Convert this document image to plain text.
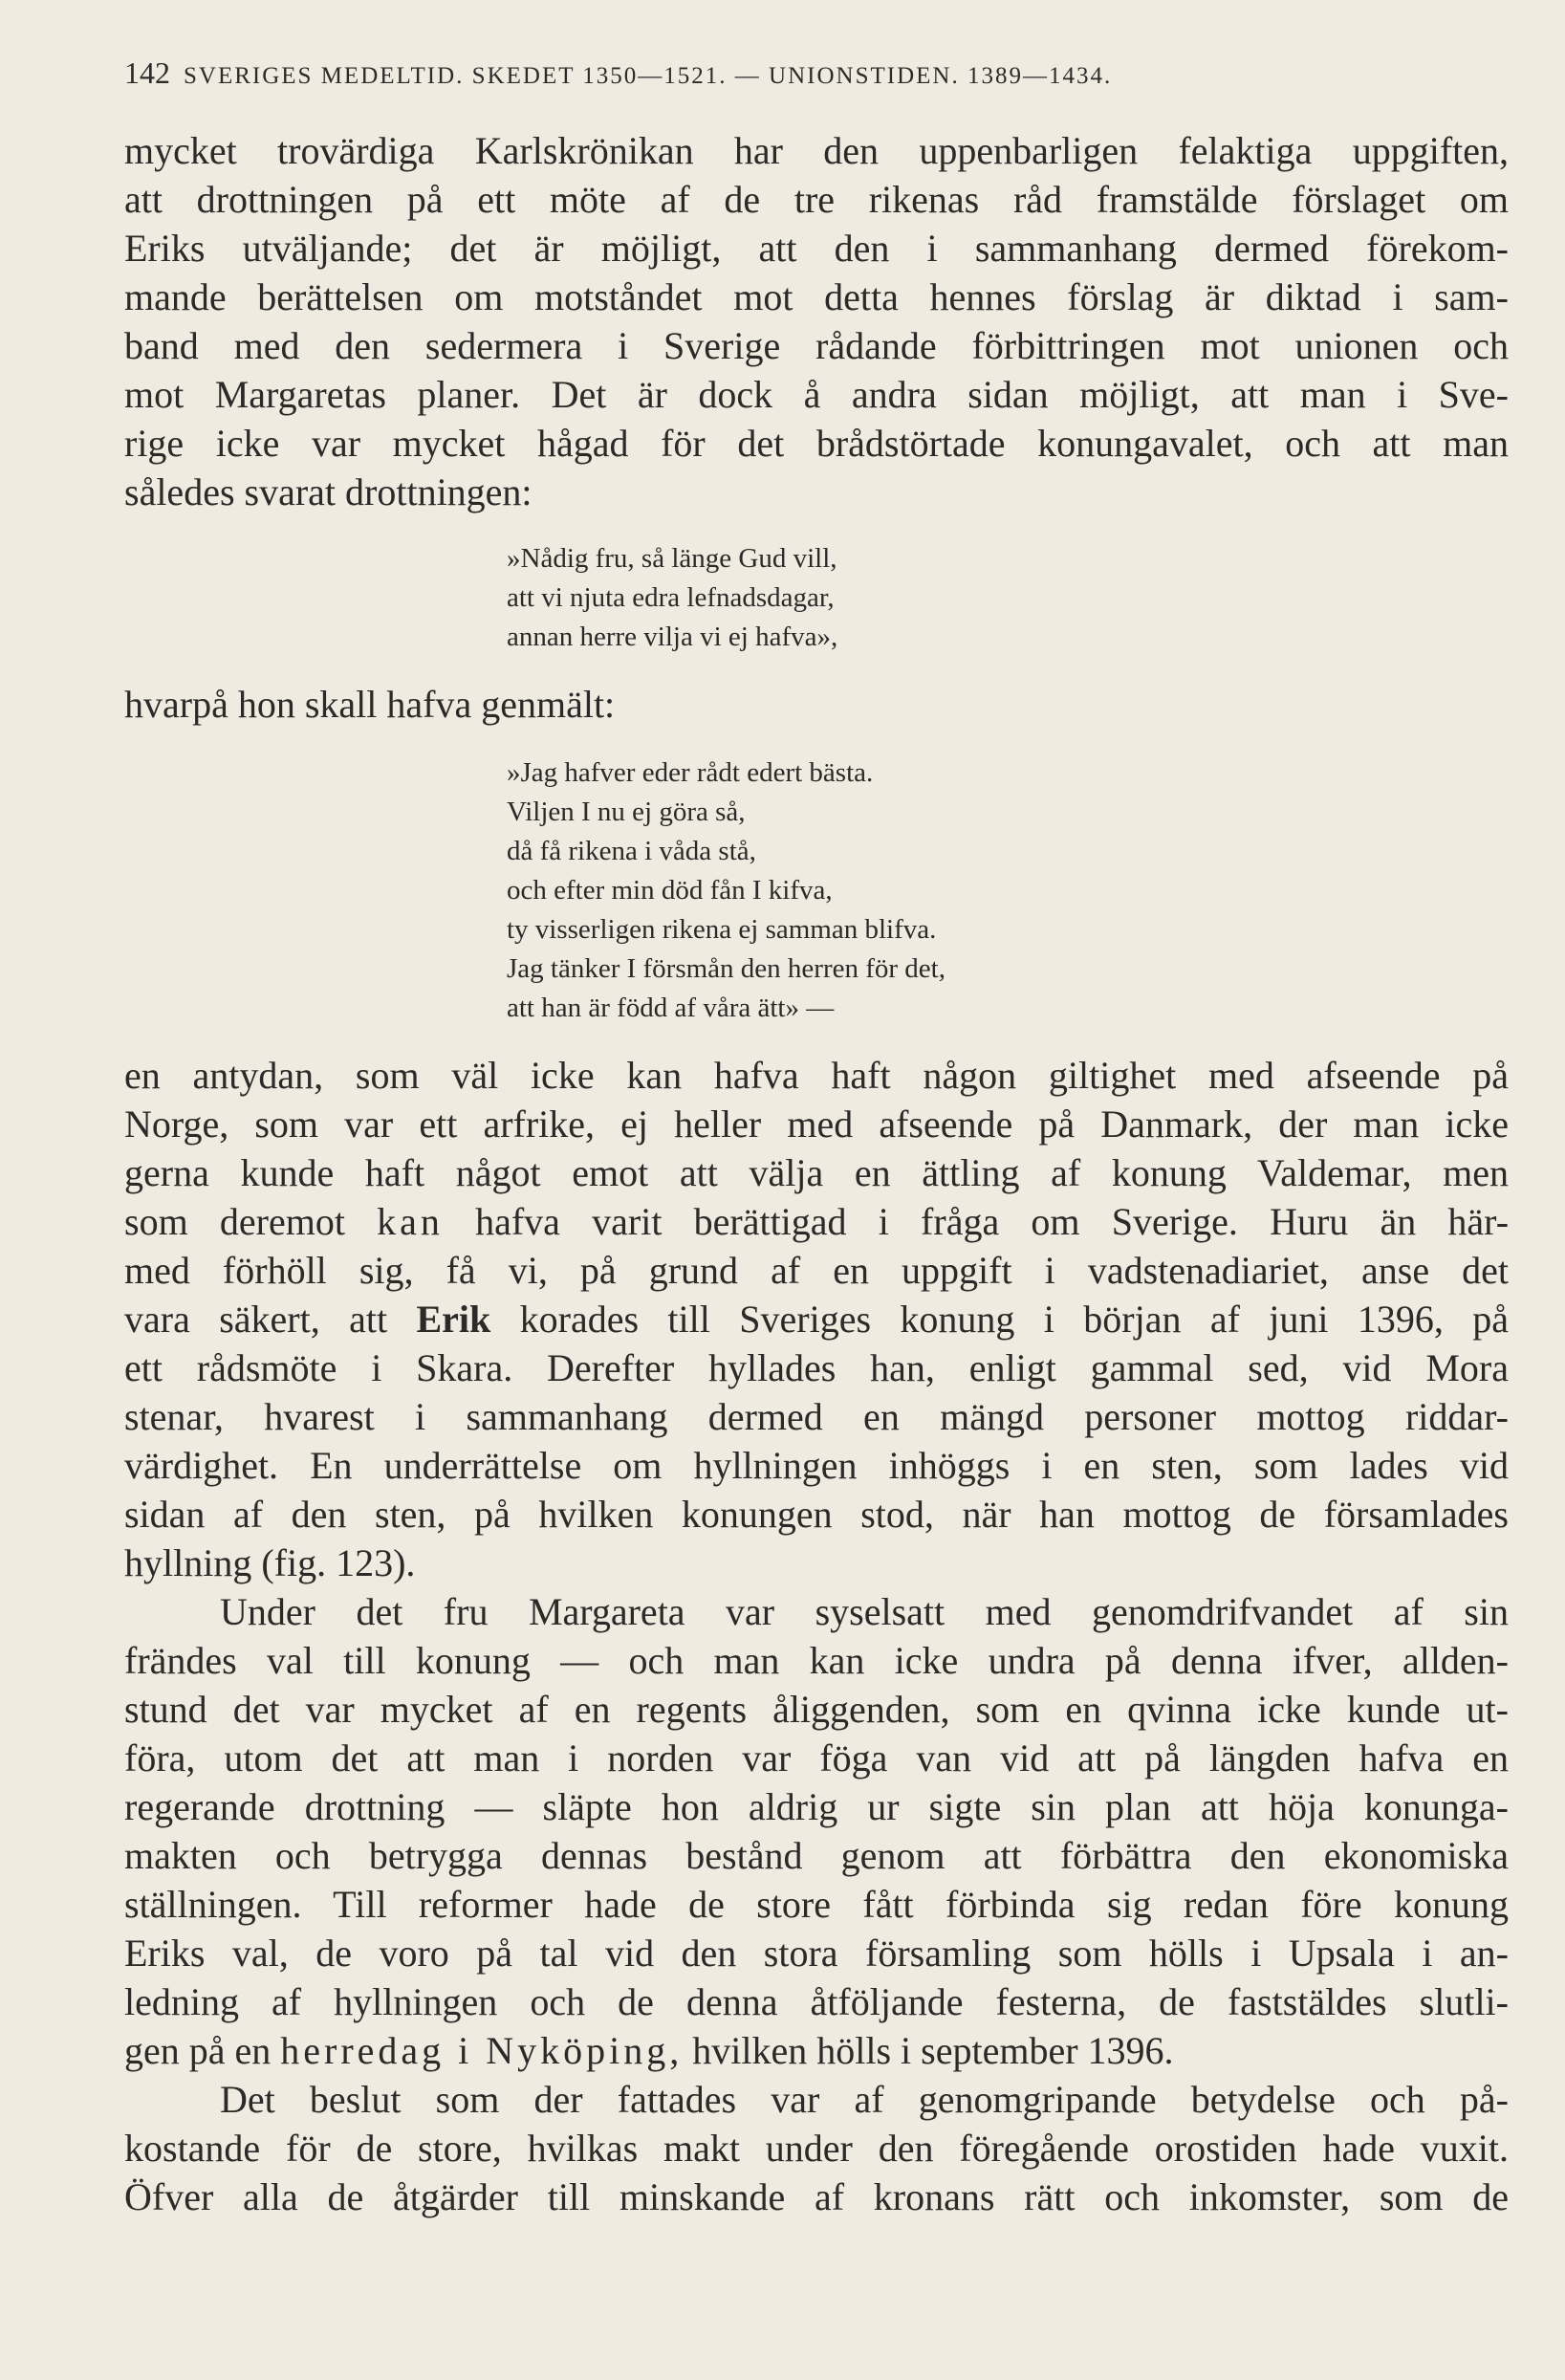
142 SVERIGES MEDELTID. SKEDET 1350—1521. — UNIONSTIDEN. 1389—1434.
mycket trovärdiga Karlskrönikan har den uppenbarligen felaktiga uppgiften,
att drottningen på ett möte af de tre rikenas råd framstälde förslaget om
Eriks utväljande; det är möjligt, att den i sammanhang dermed förekom-
mande berättelsen om motståndet mot detta hennes förslag är diktad i sam-
band med den sedermera i Sverige rådande förbittringen mot unionen och
mot Margaretas planer. Det är dock å andra sidan möjligt, att man i Sve-
rige icke var mycket hågad för det brådstörtade konungavalet, och att man
således svarat drottningen:
»Nådig fru, så länge Gud vill,
att vi njuta edra lefnadsdagar,
annan herre vilja vi ej hafva»,
hvarpå hon skall hafva genmält:
»Jag hafver eder rådt edert bästa.
Viljen I nu ej göra så,
då få rikena i våda stå,
och efter min död fån I kifva,
ty visserligen rikena ej samman blifva.
Jag tänker I försmån den herren för det,
att han är född af våra ätt» —
en antydan, som väl icke kan hafva haft någon giltighet med afseende på
Norge, som var ett arfrike, ej heller med afseende på Danmark, der man icke
gerna kunde haft något emot att välja en ättling af konung Valdemar, men
som deremot kan hafva varit berättigad i fråga om Sverige. Huru än här-
med förhöll sig, få vi, på grund af en uppgift i vadstenadiariet, anse det
vara säkert, att Erik korades till Sveriges konung i början af juni 1396, på
ett rådsmöte i Skara. Derefter hyllades han, enligt gammal sed, vid Mora
stenar, hvarest i sammanhang dermed en mängd personer mottog riddar-
värdighet. En underrättelse om hyllningen inhöggs i en sten, som lades vid
sidan af den sten, på hvilken konungen stod, när han mottog de församlades
hyllning (fig. 123).
Under det fru Margareta var syselsatt med genomdrifvandet af sin
frändes val till konung — och man kan icke undra på denna ifver, allden-
stund det var mycket af en regents åliggenden, som en qvinna icke kunde ut-
föra, utom det att man i norden var föga van vid att på längden hafva en
regerande drottning — släpte hon aldrig ur sigte sin plan att höja konunga-
makten och betrygga dennas bestånd genom att förbättra den ekonomiska
ställningen. Till reformer hade de store fått förbinda sig redan före konung
Eriks val, de voro på tal vid den stora församling som hölls i Upsala i an-
ledning af hyllningen och de denna åtföljande festerna, de faststäldes slutli-
gen på en herredag i Nyköping, hvilken hölls i september 1396.
Det beslut som der fattades var af genomgripande betydelse och på-
kostande för de store, hvilkas makt under den föregående orostiden hade vuxit.
Öfver alla de åtgärder till minskande af kronans rätt och inkomster, som de
